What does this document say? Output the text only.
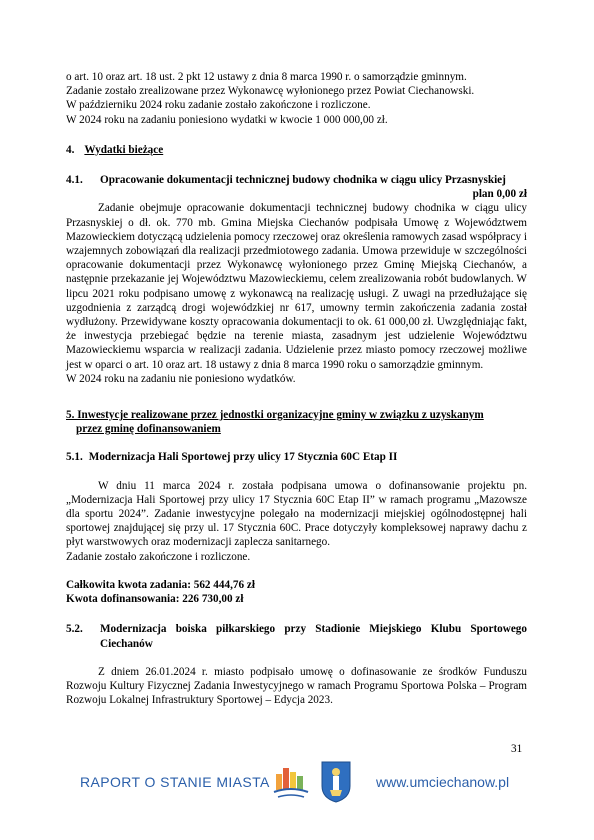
o art. 10 oraz art. 18 ust. 2 pkt 12 ustawy z dnia 8 marca 1990 r. o samorządzie gminnym.

Zadanie zostało zrealizowane przez Wykonawcę wyłonionego przez Powiat Ciechanowski.

W październiku 2024 roku zadanie zostało zakończone i rozliczone.

W 2024 roku na zadaniu poniesiono wydatki w kwocie 1 000 000,00 zł.

4. Wydatki bieżące

4.1.	Opracowanie dokumentacji technicznej budowy chodnika w ciągu ulicy Przasnyskiej

plan 0,00 zł

Zadanie obejmuje opracowanie dokumentacji technicznej budowy chodnika w ciągu ulicy Przasnyskiej o dł. ok. 770 mb. Gmina Miejska Ciechanów podpisała Umowę z Województwem Mazowieckiem dotyczącą udzielenia pomocy rzeczowej oraz określenia ramowych zasad współpracy i wzajemnych zobowiązań dla realizacji przedmiotowego zadania. Umowa przewiduje w szczególności opracowanie dokumentacji przez Wykonawcę wyłonionego przez Gminę Miejską Ciechanów, a następnie przekazanie jej Województwu Mazowieckiemu, celem zrealizowania robót budowlanych. W lipcu 2021 roku podpisano umowę z wykonawcą na realizację usługi. Z uwagi na przedłużające się uzgodnienia z zarządcą drogi wojewódzkiej nr 617, umowny termin zakończenia zadania został wydłużony. Przewidywane koszty opracowania dokumentacji to ok. 61 000,00 zł. Uwzględniając fakt, że inwestycja przebiegać będzie na terenie miasta, zasadnym jest udzielenie Województwu Mazowieckiemu wsparcia w realizacji zadania. Udzielenie przez miasto pomocy rzeczowej możliwe jest w oparci o art. 10 oraz art. 18 ustawy z dnia 8 marca 1990 roku o samorządzie gminnym.

W 2024 roku na zadaniu nie poniesiono wydatków.

5. Inwestycje realizowane przez jednostki organizacyjne gminy w związku z uzyskanym
przez gminę dofinansowaniem

5.1. Modernizacja Hali Sportowej przy ulicy 17 Stycznia 60C Etap II

W dniu 11 marca 2024 r. została podpisana umowa o dofinansowanie projektu pn. „Modernizacja Hali Sportowej przy ulicy 17 Stycznia 60C Etap II” w ramach programu „Mazowsze dla sportu 2024”. Zadanie inwestycyjne polegało na modernizacji miejskiej ogólnodostępnej hali sportowej znajdującej się przy ul. 17 Stycznia 60C. Prace dotyczyły kompleksowej naprawy dachu z płyt warstwowych oraz modernizacji zaplecza sanitarnego.

Zadanie zostało zakończone i rozliczone.

Całkowita kwota zadania: 562 444,76 zł

Kwota dofinansowania: 226 730,00 zł

5.2.	Modernizacja boiska piłkarskiego przy Stadionie Miejskiego Klubu Sportowego Ciechanów

Z dniem 26.01.2024 r. miasto podpisało umowę o dofinasowanie ze środków Funduszu Rozwoju Kultury Fizycznej Zadania Inwestycyjnego w ramach Programu Sportowa Polska – Program Rozwoju Lokalnej Infrastruktury Sportowej – Edycja 2023.

31
RAPORT O STANIE MIASTA	www.umciechanow.pl
